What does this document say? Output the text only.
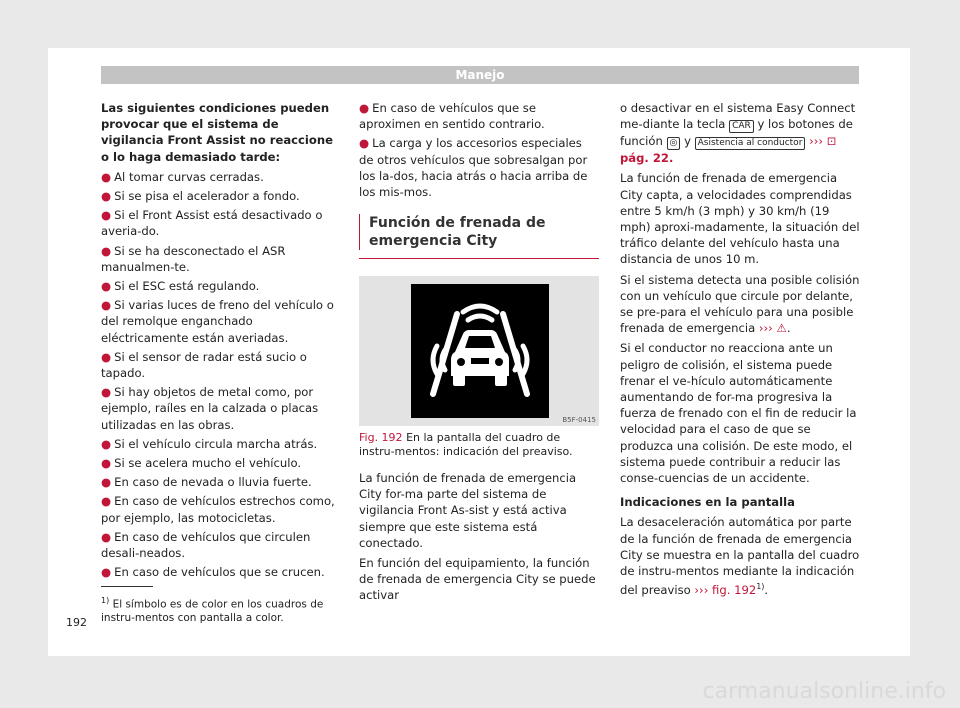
Manejo

Las siguientes condiciones pueden provocar que el sistema de vigilancia Front Assist no reaccione o lo haga demasiado tarde:

● Al tomar curvas cerradas.
● Si se pisa el acelerador a fondo.
● Si el Front Assist está desactivado o averia-do.
● Si se ha desconectado el ASR manualmen-te.
● Si el ESC está regulando.
● Si varias luces de freno del vehículo o del remolque enganchado eléctricamente están averiadas.
● Si el sensor de radar está sucio o tapado.
● Si hay objetos de metal como, por ejemplo, raíles en la calzada o placas utilizadas en las obras.
● Si el vehículo circula marcha atrás.
● Si se acelera mucho el vehículo.
● En caso de nevada o lluvia fuerte.
● En caso de vehículos estrechos como, por ejemplo, las motocicletas.
● En caso de vehículos que circulen desali-neados.
● En caso de vehículos que se crucen.
● En caso de vehículos que se aproximen en sentido contrario.
● La carga y los accesorios especiales de otros vehículos que sobresalgan por los la-dos, hacia atrás o hacia arriba de los mis-mos.
Función de frenada de emergencia City
B5F-0415
Fig. 192 En la pantalla del cuadro de instru-mentos: indicación del preaviso.

La función de frenada de emergencia City for-ma parte del sistema de vigilancia Front As-sist y está activa siempre que este sistema está conectado.

En función del equipamiento, la función de frenada de emergencia City se puede activar

o desactivar en el sistema Easy Connect me-diante la tecla CAR y los botones de función ◎ y Asistencia al conductor ››› ⊡ pág. 22.

La función de frenada de emergencia City capta, a velocidades comprendidas entre 5 km/h (3 mph) y 30 km/h (19 mph) aproxi-madamente, la situación del tráfico delante del vehículo hasta una distancia de unos 10 m.

Si el sistema detecta una posible colisión con un vehículo que circule por delante, se pre-para el vehículo para una posible frenada de emergencia ››› ⚠.

Si el conductor no reacciona ante un peligro de colisión, el sistema puede frenar el ve-hículo automáticamente aumentando de for-ma progresiva la fuerza de frenado con el fin de reducir la velocidad para el caso de que se produzca una colisión. De este modo, el sistema puede contribuir a reducir las conse-cuencias de un accidente.

Indicaciones en la pantalla

La desaceleración automática por parte de la función de frenada de emergencia City se muestra en la pantalla del cuadro de instru-mentos mediante la indicación del preaviso ››› fig. 192$^{1)}$.

$^{1)}$ El símbolo es de color en los cuadros de instru-mentos con pantalla a color.
192
carmanualsonline.info
